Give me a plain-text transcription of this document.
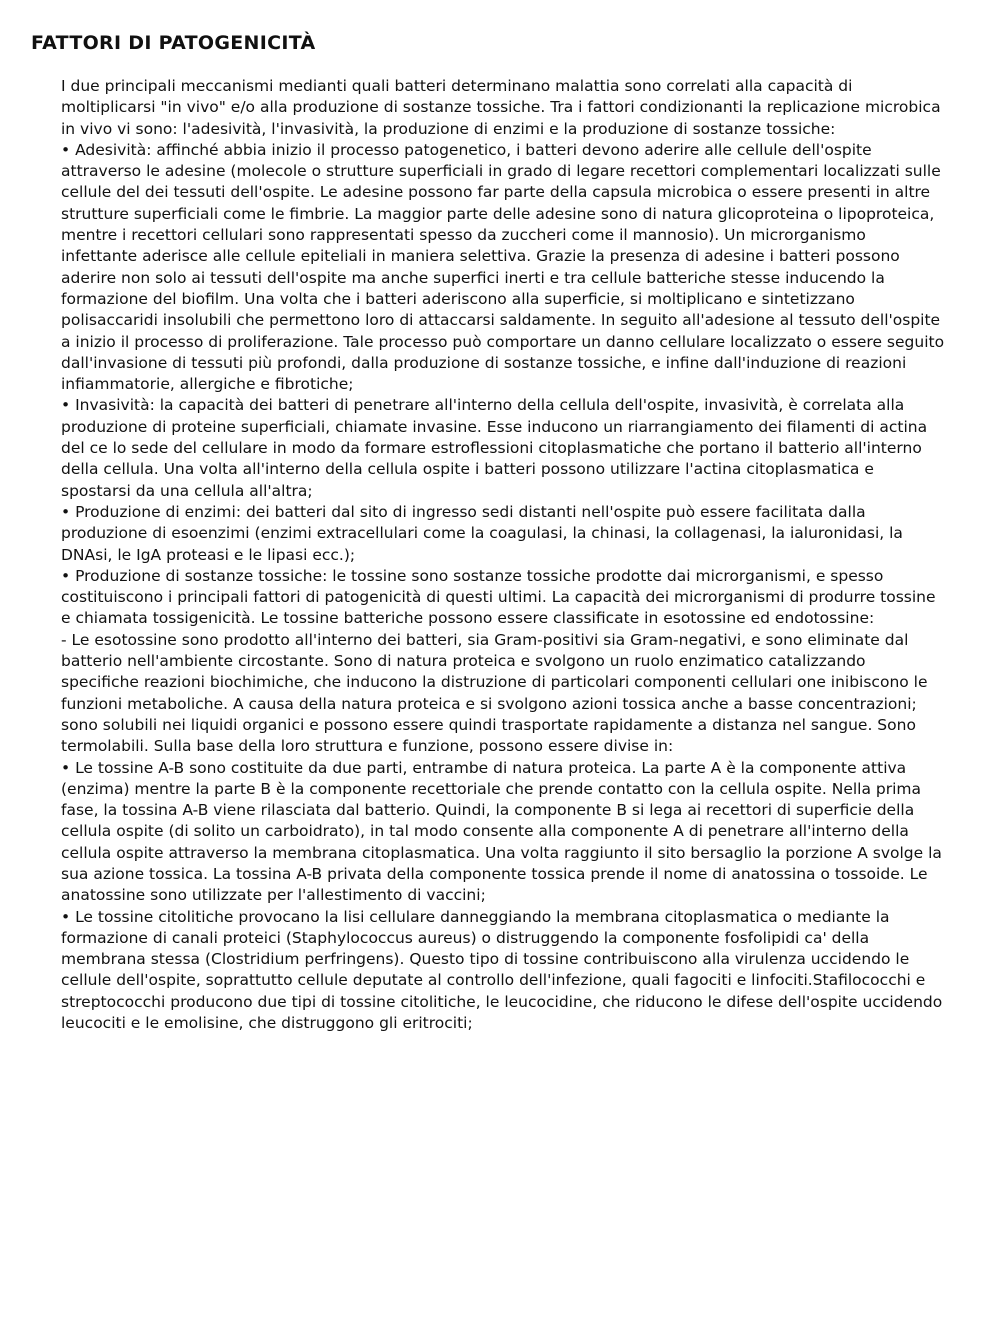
FATTORI DI PATOGENICITÀ

I due principali meccanismi medianti quali batteri determinano malattia sono correlati alla capacità di moltiplicarsi "in vivo" e/o alla produzione di sostanze tossiche. Tra i fattori condizionanti la replicazione microbica in vivo vi sono: l'adesività, l'invasività, la produzione di enzimi e la produzione di sostanze tossiche:

• Adesività: affinché abbia inizio il processo patogenetico, i batteri devono aderire alle cellule dell'ospite attraverso le adesine (molecole o strutture superficiali in grado di legare recettori complementari localizzati sulle cellule del dei tessuti dell'ospite. Le adesine possono far parte della capsula microbica o essere presenti in altre strutture superficiali come le fimbrie. La maggior parte delle adesine sono di natura glicoproteina o lipoproteica, mentre i recettori cellulari sono rappresentati spesso da zuccheri come il mannosio). Un microrganismo infettante aderisce alle cellule epiteliali in maniera selettiva. Grazie la presenza di adesine i batteri possono aderire non solo ai tessuti dell'ospite ma anche superfici inerti e tra cellule batteriche stesse inducendo la formazione del biofilm. Una volta che i batteri aderiscono alla superficie, si moltiplicano e sintetizzano polisaccaridi insolubili che permettono loro di attaccarsi saldamente. In seguito all'adesione al tessuto dell'ospite a inizio il processo di proliferazione. Tale processo può comportare un danno cellulare localizzato o essere seguito dall'invasione di tessuti più profondi, dalla produzione di sostanze tossiche, e infine dall'induzione di reazioni infiammatorie, allergiche e fibrotiche;

• Invasività: la capacità dei batteri di penetrare all'interno della cellula dell'ospite, invasività, è correlata alla produzione di proteine superficiali, chiamate invasine. Esse inducono un riarrangiamento dei filamenti di actina del ce lo sede del cellulare in modo da formare estroflessioni citoplasmatiche che portano il batterio all'interno della cellula. Una volta all'interno della cellula ospite i batteri possono utilizzare l'actina citoplasmatica e spostarsi da una cellula all'altra;

• Produzione di enzimi: dei batteri dal sito di ingresso sedi distanti nell'ospite può essere facilitata dalla produzione di esoenzimi (enzimi extracellulari come la coagulasi, la chinasi, la collagenasi, la ialuronidasi, la DNAsi, le IgA proteasi e le lipasi ecc.);

• Produzione di sostanze tossiche: le tossine sono sostanze tossiche prodotte dai microrganismi, e spesso costituiscono i principali fattori di patogenicità di questi ultimi. La capacità dei microrganismi di produrre tossine e chiamata tossigenicità. Le tossine batteriche possono essere classificate in esotossine ed endotossine:

- Le esotossine sono prodotto all'interno dei batteri, sia Gram-positivi sia Gram-negativi, e sono eliminate dal batterio nell'ambiente circostante. Sono di natura proteica e svolgono un ruolo enzimatico catalizzando specifiche reazioni biochimiche, che inducono la distruzione di particolari componenti cellulari one inibiscono le funzioni metaboliche. A causa della natura proteica e si svolgono azioni tossica anche a basse concentrazioni; sono solubili nei liquidi organici e possono essere quindi trasportate rapidamente a distanza nel sangue. Sono termolabili. Sulla base della loro struttura e funzione, possono essere divise in:

• Le tossine A-B sono costituite da due parti, entrambe di natura proteica. La parte A è la componente attiva (enzima) mentre la parte B è la componente recettoriale che prende contatto con la cellula ospite. Nella prima fase, la tossina A-B viene rilasciata dal batterio. Quindi, la componente B si lega ai recettori di superficie della cellula ospite (di solito un carboidrato), in tal modo consente alla componente A di penetrare all'interno della cellula ospite attraverso la membrana citoplasmatica. Una volta raggiunto il sito bersaglio la porzione A svolge la sua azione tossica. La tossina A-B privata della componente tossica prende il nome di anatossina o tossoide. Le anatossine sono utilizzate per l'allestimento di vaccini;

• Le tossine citolitiche provocano la lisi cellulare danneggiando la membrana citoplasmatica o mediante la formazione di canali proteici (Staphylococcus aureus) o distruggendo la componente fosfolipidi ca' della membrana stessa (Clostridium perfringens). Questo tipo di tossine contribuiscono alla virulenza uccidendo le cellule dell'ospite, soprattutto cellule deputate al controllo dell'infezione, quali fagociti e linfociti.Stafilococchi e streptococchi producono due tipi di tossine citolitiche, le leucocidine, che riducono le difese dell'ospite uccidendo leucociti e le emolisine, che distruggono gli eritrociti;
